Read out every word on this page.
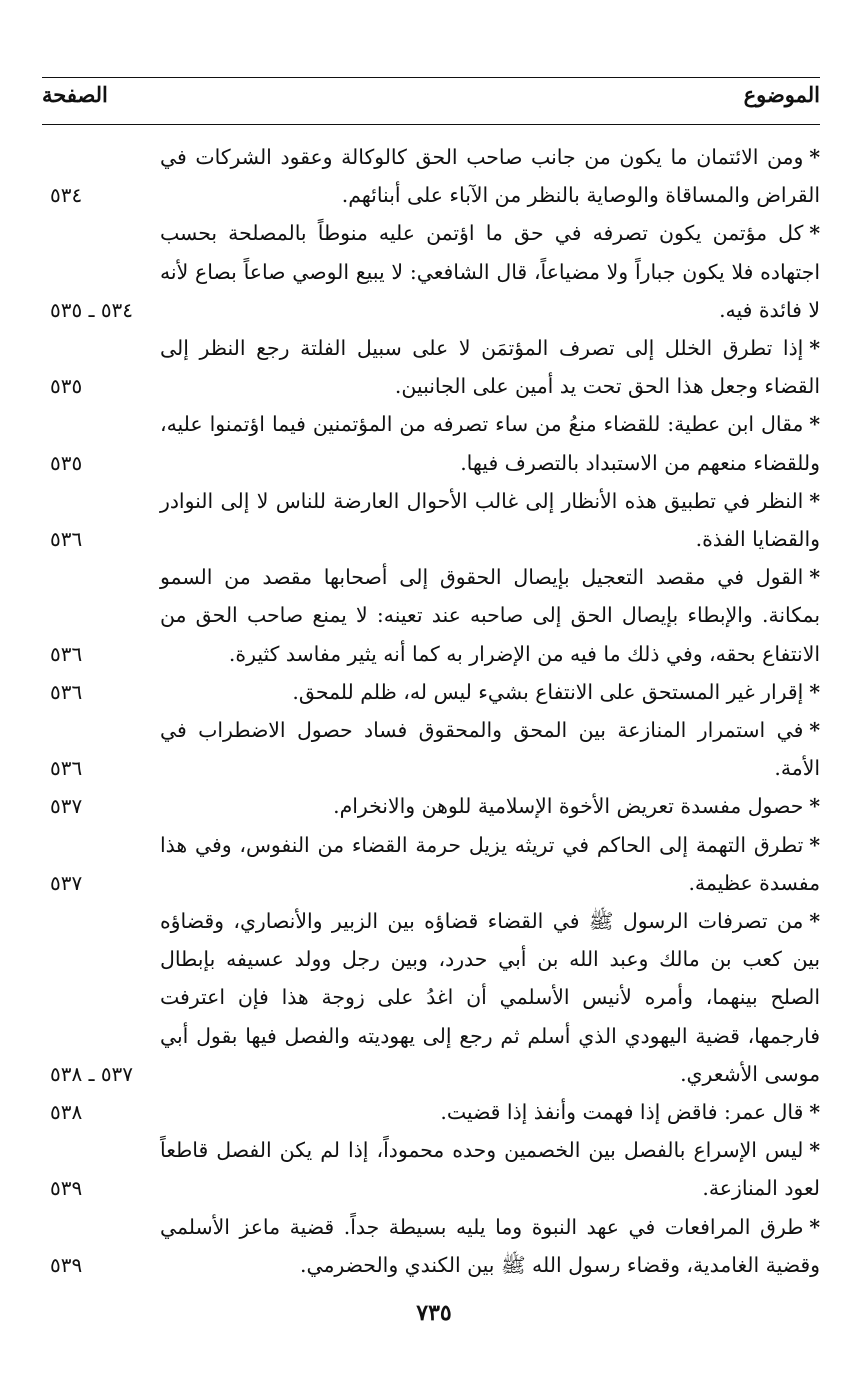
الموضوع
الصفحة
*ومن الائتمان ما يكون من جانب صاحب الحق كالوكالة وعقود الشركات في القراض والمساقاة والوصاية بالنظر من الآباء على أبنائهم.
٥٣٤
*كل مؤتمن يكون تصرفه في حق ما اؤتمن عليه منوطاً بالمصلحة بحسب اجتهاده فلا يكون جباراً ولا مضياعاً، قال الشافعي: لا يبيع الوصي صاعاً بصاع لأنه لا فائدة فيه.
٥٣٤ ـ ٥٣٥
*إذا تطرق الخلل إلى تصرف المؤتمَن لا على سبيل الفلتة رجع النظر إلى القضاء وجعل هذا الحق تحت يد أمين على الجانبين.
٥٣٥
*مقال ابن عطية: للقضاء منعُ من ساء تصرفه من المؤتمنين فيما اؤتمنوا عليه، وللقضاء منعهم من الاستبداد بالتصرف فيها.
٥٣٥
*النظر في تطبيق هذه الأنظار إلى غالب الأحوال العارضة للناس لا إلى النوادر والقضايا الفذة.
٥٣٦
*القول في مقصد التعجيل بإيصال الحقوق إلى أصحابها مقصد من السمو بمكانة. والإبطاء بإيصال الحق إلى صاحبه عند تعينه: لا يمنع صاحب الحق من الانتفاع بحقه، وفي ذلك ما فيه من الإضرار به كما أنه يثير مفاسد كثيرة.
٥٣٦
*إقرار غير المستحق على الانتفاع بشيء ليس له، ظلم للمحق.
٥٣٦
*في استمرار المنازعة بين المحق والمحقوق فساد حصول الاضطراب في الأمة.
٥٣٦
*حصول مفسدة تعريض الأخوة الإسلامية للوهن والانخرام.
٥٣٧
*تطرق التهمة إلى الحاكم في تريثه يزيل حرمة القضاء من النفوس، وفي هذا مفسدة عظيمة.
٥٣٧
*من تصرفات الرسول ﷺ في القضاء قضاؤه بين الزبير والأنصاري، وقضاؤه بين كعب بن مالك وعبد الله بن أبي حدرد، وبين رجل وولد عسيفه بإبطال الصلح بينهما، وأمره لأنيس الأسلمي أن اغدُ على زوجة هذا فإن اعترفت فارجمها، قضية اليهودي الذي أسلم ثم رجع إلى يهوديته والفصل فيها بقول أبي موسى الأشعري.
٥٣٧ ـ ٥٣٨
*قال عمر: فاقض إذا فهمت وأنفذ إذا قضيت.
٥٣٨
*ليس الإسراع بالفصل بين الخصمين وحده محموداً، إذا لم يكن الفصل قاطعاً لعود المنازعة.
٥٣٩
*طرق المرافعات في عهد النبوة وما يليه بسيطة جداً. قضية ماعز الأسلمي وقضية الغامدية، وقضاء رسول الله ﷺ بين الكندي والحضرمي.
٥٣٩
٧٣٥
